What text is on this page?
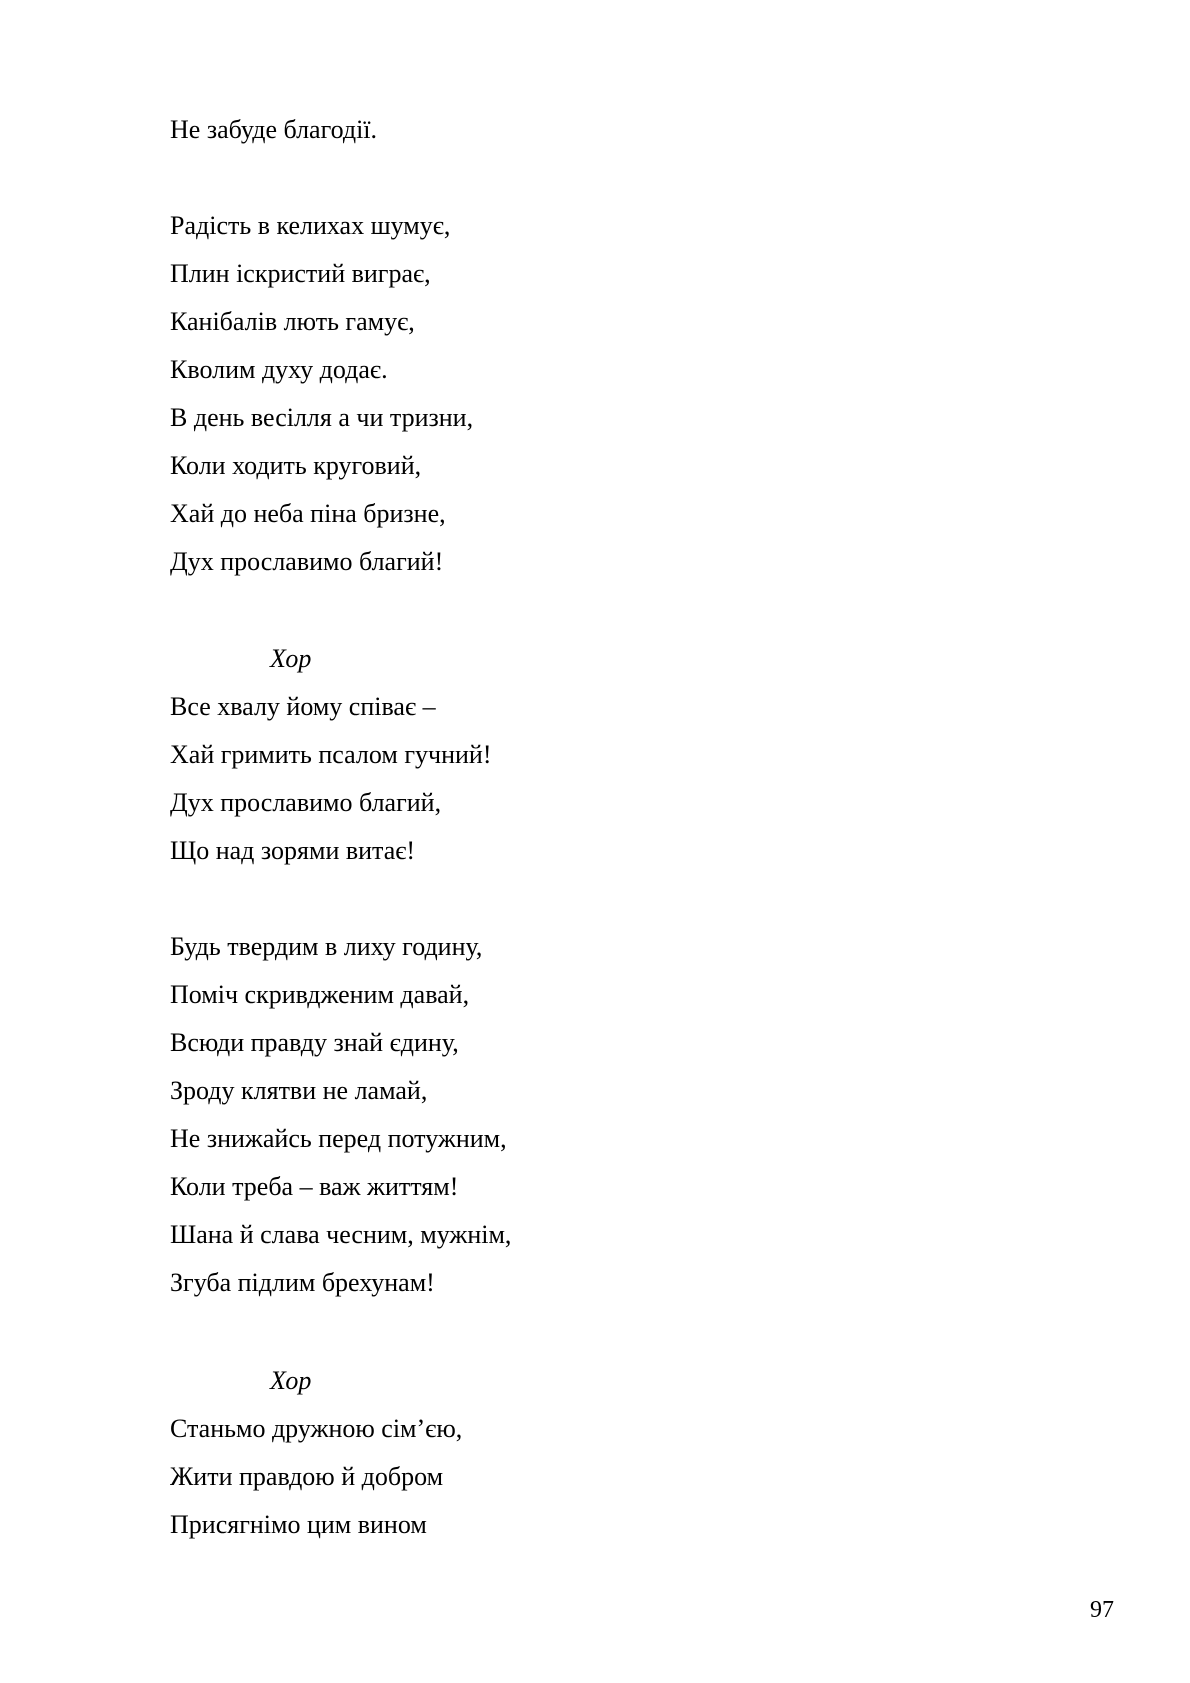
Не забуде благодії.
Радість в келихах шумує,
Плин іскристий виграє,
Канібалів лють гамує,
Кволим духу додає.
В день весілля а чи тризни,
Коли ходить круговий,
Хай до неба піна бризне,
Дух прославимо благий!
Хор
Все хвалу йому співає –
Хай гримить псалом гучний!
Дух прославимо благий,
Що над зорями витає!
Будь твердим в лиху годину,
Поміч скривдженим давай,
Всюди правду знай єдину,
Зроду клятви не ламай,
Не знижайсь перед потужним,
Коли треба – важ життям!
Шана й слава чесним, мужнім,
Згуба підлим брехунам!
Хор
Станьмо дружною сім’єю,
Жити правдою й добром
Присягнімо цим вином
97
